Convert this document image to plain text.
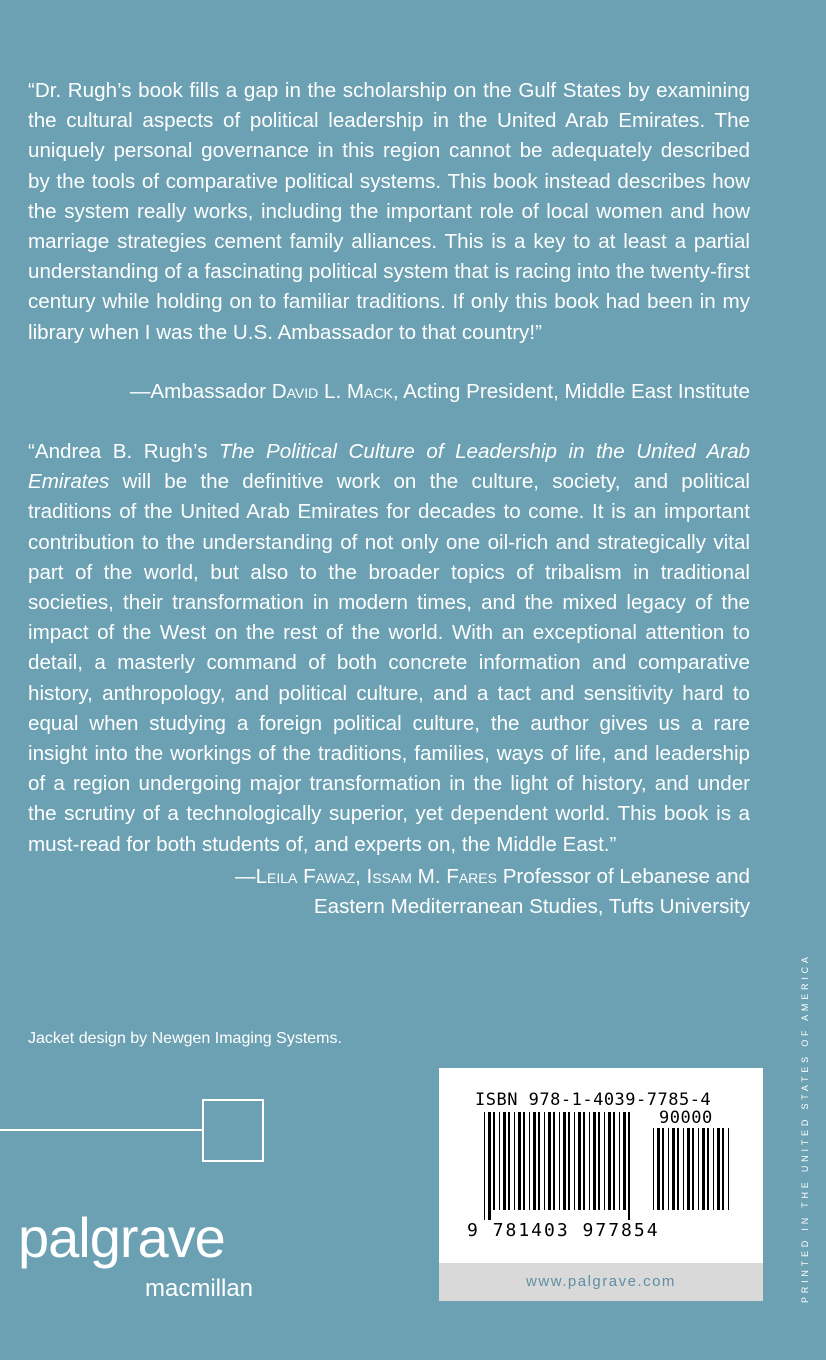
“Dr. Rugh’s book fills a gap in the scholarship on the Gulf States by examining the cultural aspects of political leadership in the United Arab Emirates. The uniquely personal governance in this region cannot be adequately described by the tools of comparative political systems. This book instead describes how the system really works, including the important role of local women and how marriage strategies cement family alliances. This is a key to at least a partial understanding of a fascinating political system that is racing into the twenty-first century while holding on to familiar traditions. If only this book had been in my library when I was the U.S. Ambassador to that country!”

—Ambassador David L. Mack, Acting President, Middle East Institute

“Andrea B. Rugh’s The Political Culture of Leadership in the United Arab Emirates will be the definitive work on the culture, society, and political traditions of the United Arab Emirates for decades to come. It is an important contribution to the understanding of not only one oil-rich and strategically vital part of the world, but also to the broader topics of tribalism in traditional societies, their transformation in modern times, and the mixed legacy of the impact of the West on the rest of the world. With an exceptional attention to detail, a masterly command of both concrete information and comparative history, anthropology, and political culture, and a tact and sensitivity hard to equal when studying a foreign political culture, the author gives us a rare insight into the workings of the traditions, families, ways of life, and leadership of a region undergoing major transformation in the light of history, and under the scrutiny of a technologically superior, yet dependent world. This book is a must-read for both students of, and experts on, the Middle East.”

—Leila Fawaz, Issam M. Fares Professor of Lebanese and
Eastern Mediterranean Studies, Tufts University
Jacket design by Newgen Imaging Systems.
palgrave
macmillan
ISBN 978-1-4039-7785-4
90000
9 781403 977854
www.palgrave.com	PRINTED IN THE UNITED STATES OF AMERICA
